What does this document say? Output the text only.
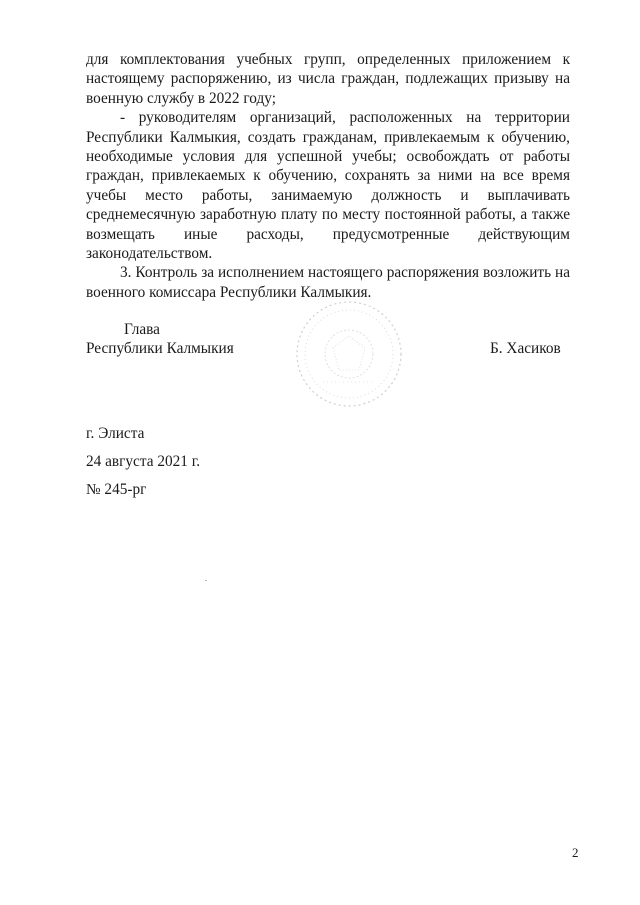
для комплектования учебных групп, определенных приложением к настоящему распоряжению, из числа граждан, подлежащих призыву на военную службу в 2022 году;

- руководителям организаций, расположенных на территории Республики Калмыкия, создать гражданам, привлекаемым к обучению, необходимые условия для успешной учебы; освобождать от работы граждан, привлекаемых к обучению, сохранять за ними на все время учебы место работы, занимаемую должность и выплачивать среднемесячную заработную плату по месту постоянной работы, а также возмещать иные расходы, предусмотренные действующим законодательством.

3. Контроль за исполнением настоящего распоряжения возложить на военного комиссара Республики Калмыкия.

Глава
Республики Калмыкия	Б. Хасиков
г. Элиста
24 августа 2021 г.
№ 245-рг
2
